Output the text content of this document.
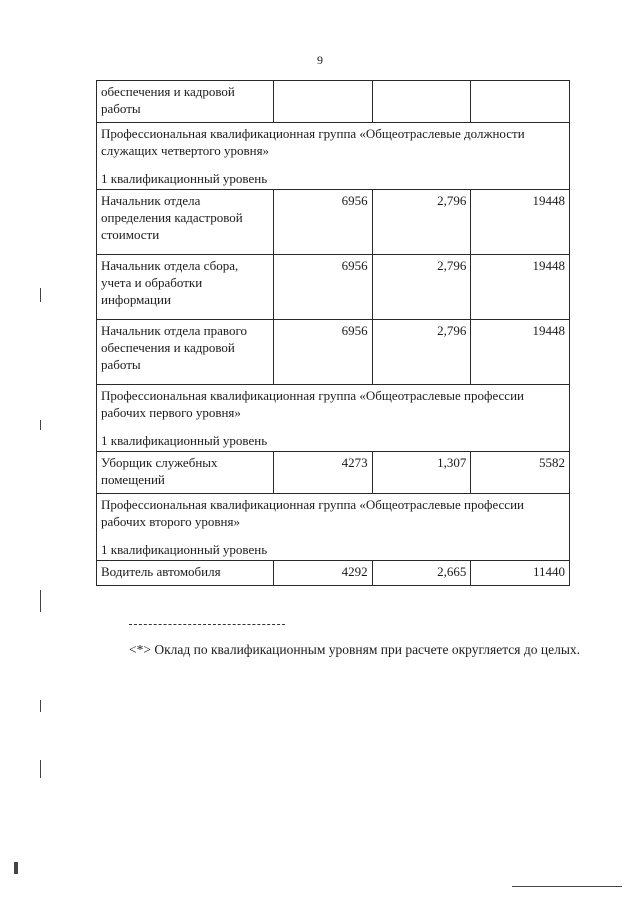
9
обеспечения и кадровой работы			

Профессиональная квалификационная группа «Общеотраслевые должности служащих четвертого уровня»
1 квалификационный уровень			

Начальник отдела определения кадастровой стоимости	6956	2,796	19448
Начальник отдела сбора, учета и обработки информации	6956	2,796	19448
Начальник отдела правого обеспечения и кадровой работы	6956	2,796	19448

Профессиональная квалификационная группа «Общеотраслевые профессии рабочих первого уровня»
1 квалификационный уровень			

Уборщик служебных помещений	4273	1,307	5582

Профессиональная квалификационная группа «Общеотраслевые профессии рабочих второго уровня»
1 квалификационный уровень			

Водитель автомобиля	4292	2,665	11440
<*> Оклад по квалификационным уровням при расчете округляется до целых.
